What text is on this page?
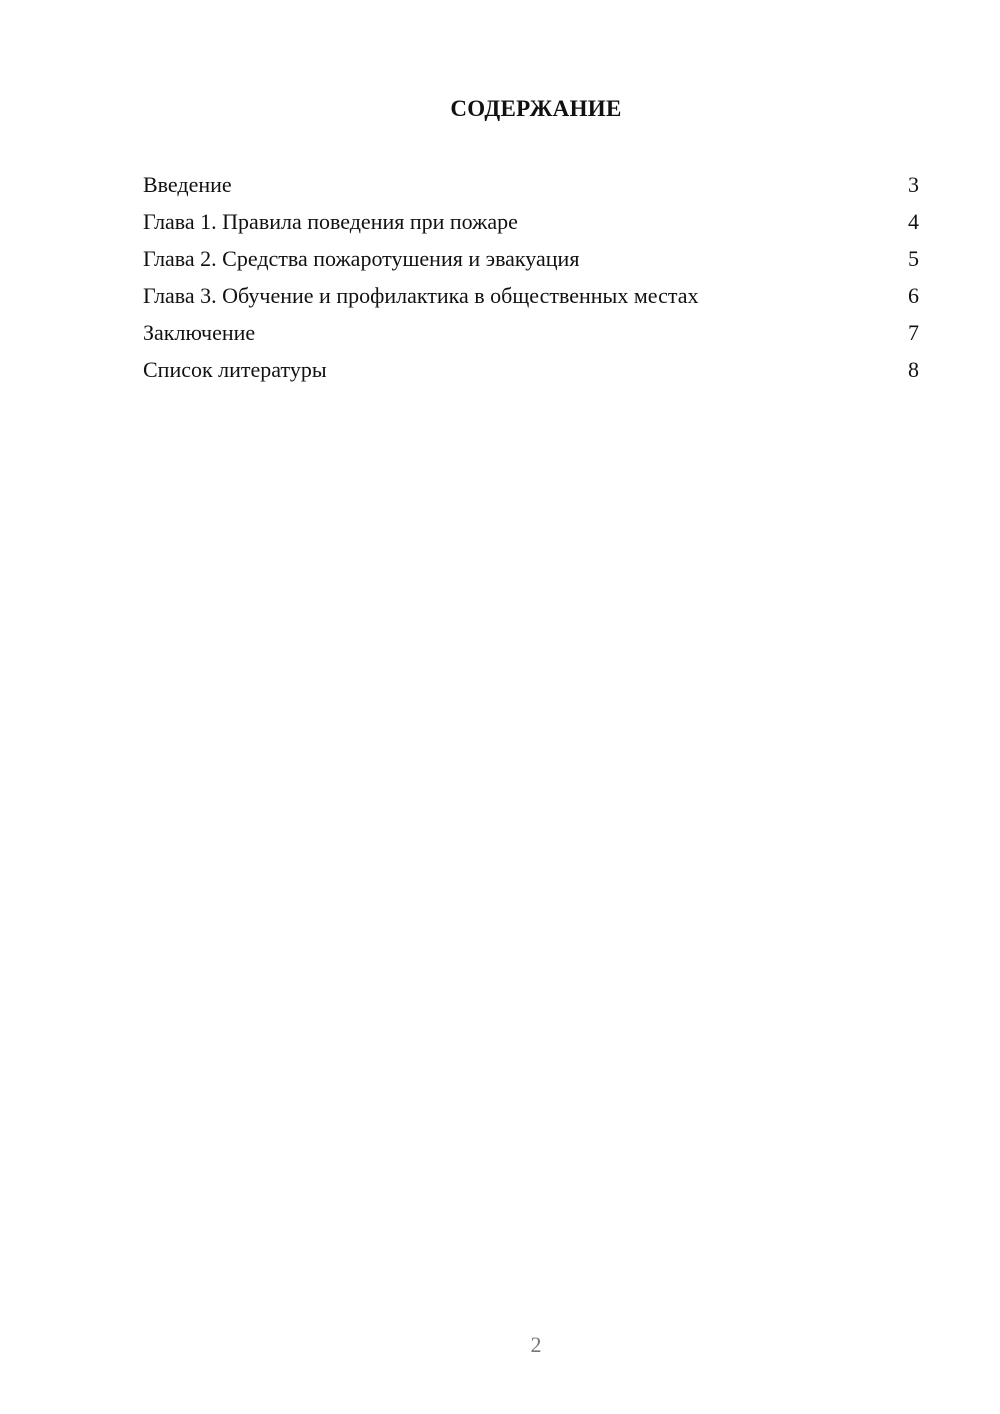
СОДЕРЖАНИЕ
Введение	3
Глава 1. Правила поведения при пожаре	4
Глава 2. Средства пожаротушения и эвакуация	5
Глава 3. Обучение и профилактика в общественных местах	6
Заключение	7
Список литературы	8
2
